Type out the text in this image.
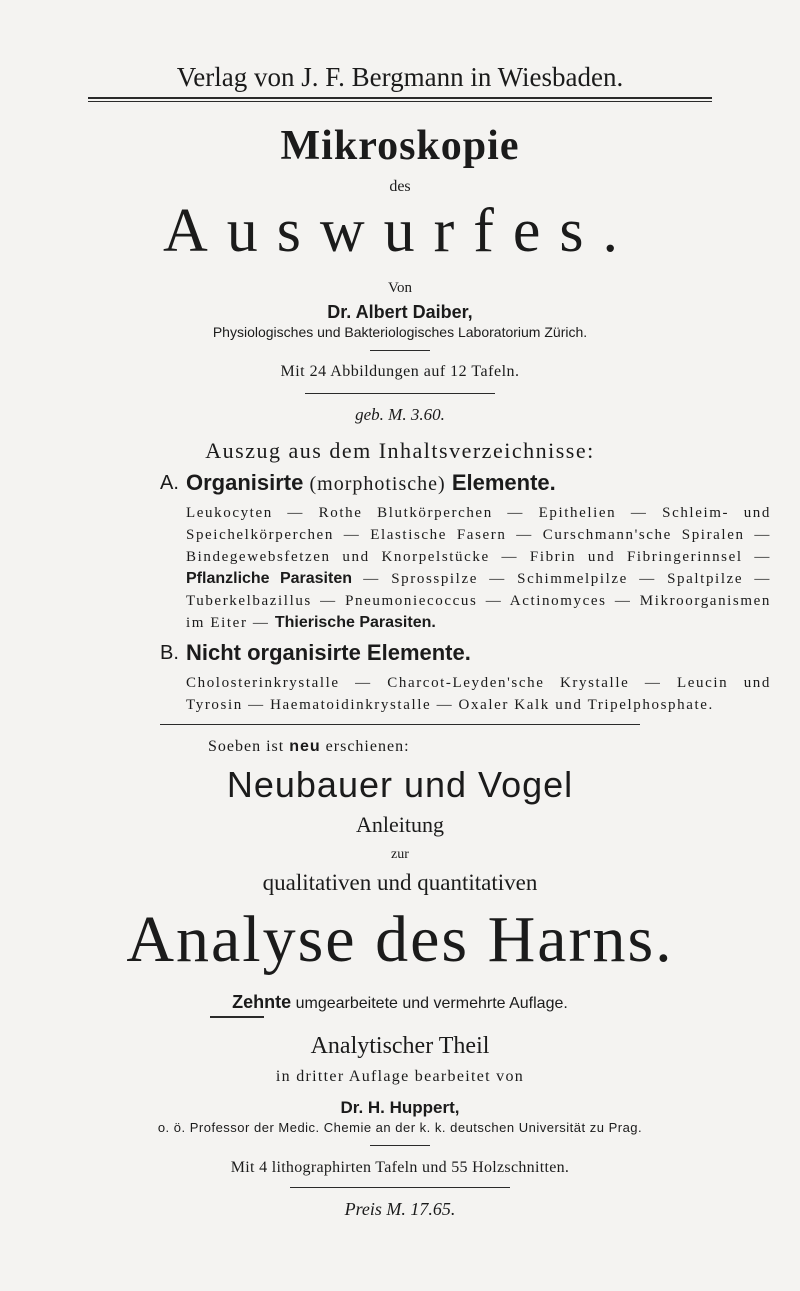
Verlag von J. F. Bergmann in Wiesbaden.
Mikroskopie
des
Auswurfes.
Von
Dr. Albert Daiber,
Physiologisches und Bakteriologisches Laboratorium Zürich.
Mit 24 Abbildungen auf 12 Tafeln.
geb. M. 3.60.
Auszug aus dem Inhaltsverzeichnisse:
A. Organisirte (morphotische) Elemente.
Leukocyten — Rothe Blutkörperchen — Epithelien — Schleim- und Speichelkörperchen — Elastische Fasern — Curschmann'sche Spiralen — Bindegewebsfetzen und Knorpelstücke — Fibrin und Fibringerinnsel — Pflanzliche Parasiten — Sprosspilze — Schimmelpilze — Spaltpilze — Tuberkelbazillus — Pneumoniecoccus — Actinomyces — Mikroorganismen im Eiter — Thierische Parasiten.
B. Nicht organisirte Elemente.
Cholosterinkrystalle — Charcot-Leyden'sche Krystalle — Leucin und Tyrosin — Haematoidinkrystalle — Oxaler Kalk und Tripelphosphate.
Soeben ist neu erschienen:
Neubauer und Vogel
Anleitung
zur
qualitativen und quantitativen
Analyse des Harns.
Zehnte umgearbeitete und vermehrte Auflage.
Analytischer Theil
in dritter Auflage bearbeitet von
Dr. H. Huppert,
o. ö. Professor der Medic. Chemie an der k. k. deutschen Universität zu Prag.
Mit 4 lithographirten Tafeln und 55 Holzschnitten.
Preis M. 17.65.
